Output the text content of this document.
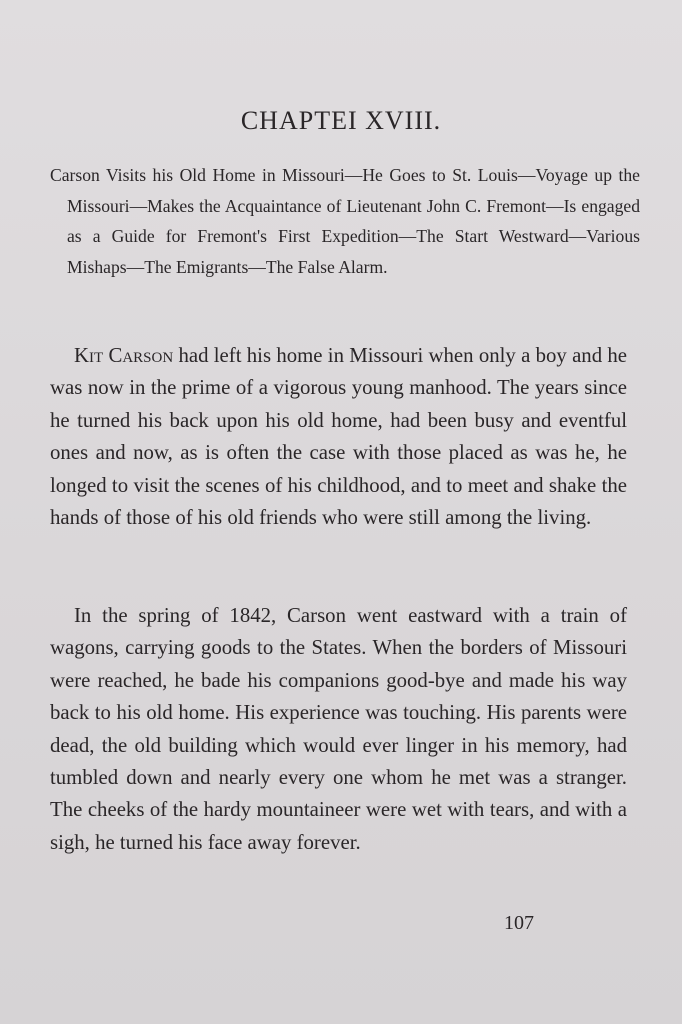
CHAPTEI XVIII.

Carson Visits his Old Home in Missouri—He Goes to St. Louis—Voyage up the Missouri—Makes the Acquaintance of Lieutenant John C. Fremont—Is engaged as a Guide for Fremont's First Expedition—The Start Westward—Various Mishaps—The Emigrants—The False Alarm.

Kit Carson had left his home in Missouri when only a boy and he was now in the prime of a vigorous young manhood. The years since he turned his back upon his old home, had been busy and eventful ones and now, as is often the case with those placed as was he, he longed to visit the scenes of his childhood, and to meet and shake the hands of those of his old friends who were still among the living.

In the spring of 1842, Carson went eastward with a train of wagons, carrying goods to the States. When the borders of Missouri were reached, he bade his companions good-bye and made his way back to his old home. His experience was touching. His parents were dead, the old building which would ever linger in his memory, had tumbled down and nearly every one whom he met was a stranger. The cheeks of the hardy mountaineer were wet with tears, and with a sigh, he turned his face away forever.

107
